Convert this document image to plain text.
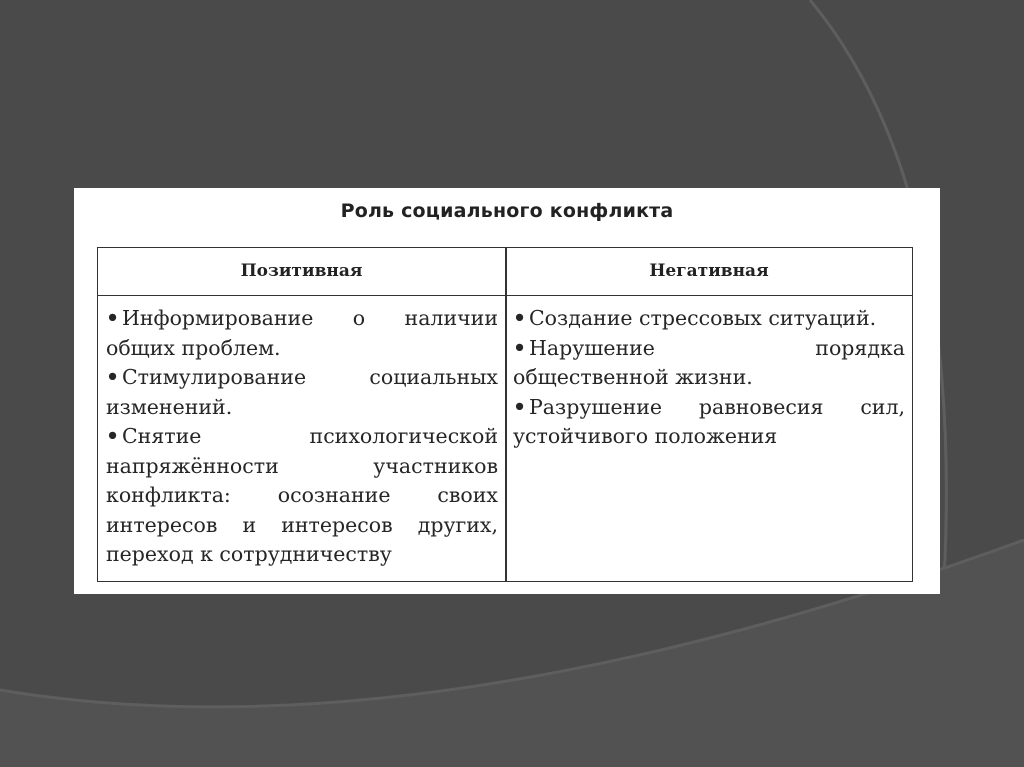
Роль социального конфликта
Позитивная	Негативная

• Информирование о наличии общих проблем.

• Стимулирование социальных изменений.

• Снятие психологической напряжённости участников конфликта: осознание своих интересов и интересов других, переход к сотрудничеству

• Создание стрессовых ситуаций.

• Нарушение порядка общественной жизни.

• Разрушение равновесия сил, устойчивого положения
